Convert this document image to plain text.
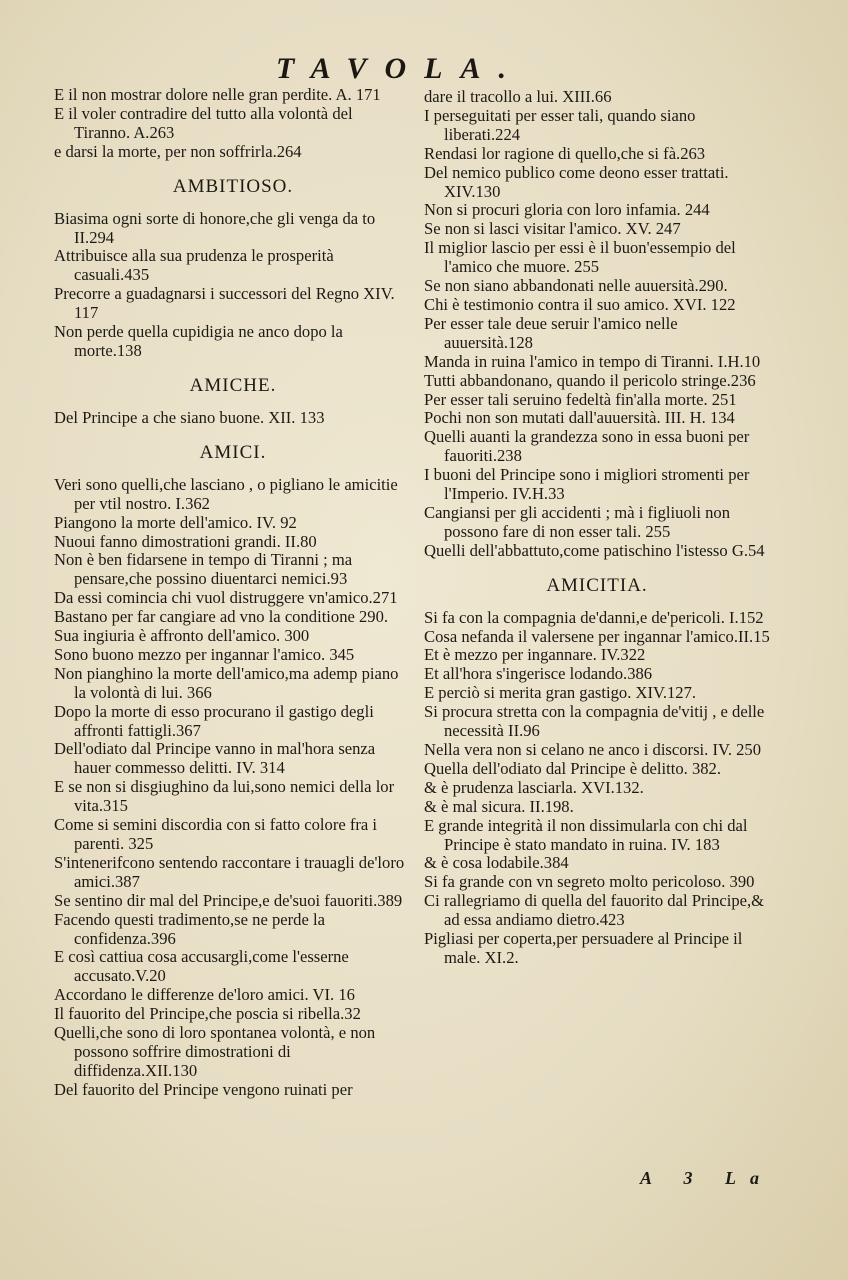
TAVOLA.
E il non mostrar dolore nelle gran perdite. A. 171
E il voler contradire del tutto alla volontà del Tiranno. A.263
e darsi la morte, per non soffrirla.264
AMBITIOSO.
Biasima ogni sorte di honore,che gli venga da to II.294
Attribuisce alla sua prudenza le prosperità casuali.435
Precorre a guadagnarsi i successori del Regno XIV. 117
Non perde quella cupidigia ne anco dopo la morte.138
AMICHE.
Del Principe a che siano buone. XII. 133
AMICI.
Veri sono quelli,che lasciano , o pigliano le amicitie per vtil nostro. I.362
Piangono la morte dell'amico. IV. 92
Nuoui fanno dimostrationi grandi. II.80
Non è ben fidarsene in tempo di Tiranni ; ma pensare,che possino diuentarci nemici.93
Da essi comincia chi vuol distruggere vn'amico.271
Bastano per far cangiare ad vno la conditione 290.
Sua ingiuria è affronto dell'amico. 300
Sono buono mezzo per ingannar l'amico. 345
Non pianghino la morte dell'amico,ma ademp piano la volontà di lui. 366
Dopo la morte di esso procurano il gastigo degli affronti fattigli.367
Dell'odiato dal Principe vanno in mal'hora senza hauer commesso delitti. IV. 314
E se non si disgiughino da lui,sono nemici della lor vita.315
Come si semini discordia con si fatto colore fra i parenti. 325
S'intenerifcono sentendo raccontare i trauagli de'loro amici.387
Se sentino dir mal del Principe,e de'suoi fauoriti.389
Facendo questi tradimento,se ne perde la confidenza.396
E così cattiua cosa accusargli,come l'esserne accusato.V.20
Accordano le differenze de'loro amici. VI. 16
Il fauorito del Principe,che poscia si ribella.32
Quelli,che sono di loro spontanea volontà, e non possono soffrire dimostrationi di diffidenza.XII.130
Del fauorito del Principe vengono ruinati per
dare il tracollo a lui. XIII.66
I perseguitati per esser tali, quando siano liberati.224
Rendasi lor ragione di quello,che si fà.263
Del nemico publico come deono esser trattati. XIV.130
Non si procuri gloria con loro infamia. 244
Se non si lasci visitar l'amico. XV. 247
Il miglior lascio per essi è il buon'essempio del l'amico che muore. 255
Se non siano abbandonati nelle auuersità.290.
Chi è testimonio contra il suo amico. XVI. 122
Per esser tale deue seruir l'amico nelle auuersità.128
Manda in ruina l'amico in tempo di Tiranni. I.H.10
Tutti abbandonano, quando il pericolo stringe.236
Per esser tali seruino fedeltà fin'alla morte. 251
Pochi non son mutati dall'auuersità. III. H. 134
Quelli auanti la grandezza sono in essa buoni per fauoriti.238
I buoni del Principe sono i migliori stromenti per l'Imperio. IV.H.33
Cangiansi per gli accidenti ; mà i figliuoli non possono fare di non esser tali. 255
Quelli dell'abbattuto,come patischino l'istesso G.54
AMICITIA.
Si fa con la compagnia de'danni,e de'pericoli. I.152
Cosa nefanda il valersene per ingannar l'amico.II.15
Et è mezzo per ingannare. IV.322
Et all'hora s'ingerisce lodando.386
E perciò si merita gran gastigo. XIV.127.
Si procura stretta con la compagnia de'vitij , e delle necessità II.96
Nella vera non si celano ne anco i discorsi. IV. 250
Quella dell'odiato dal Principe è delitto. 382.
& è prudenza lasciarla. XVI.132.
& è mal sicura. II.198.
E grande integrità il non dissimularla con chi dal Principe è stato mandato in ruina. IV. 183
& è cosa lodabile.384
Si fa grande con vn segreto molto pericoloso. 390
Ci rallegriamo di quella del fauorito dal Principe,& ad essa andiamo dietro.423
Pigliasi per coperta,per persuadere al Principe il male. XI.2.
A 3 La
